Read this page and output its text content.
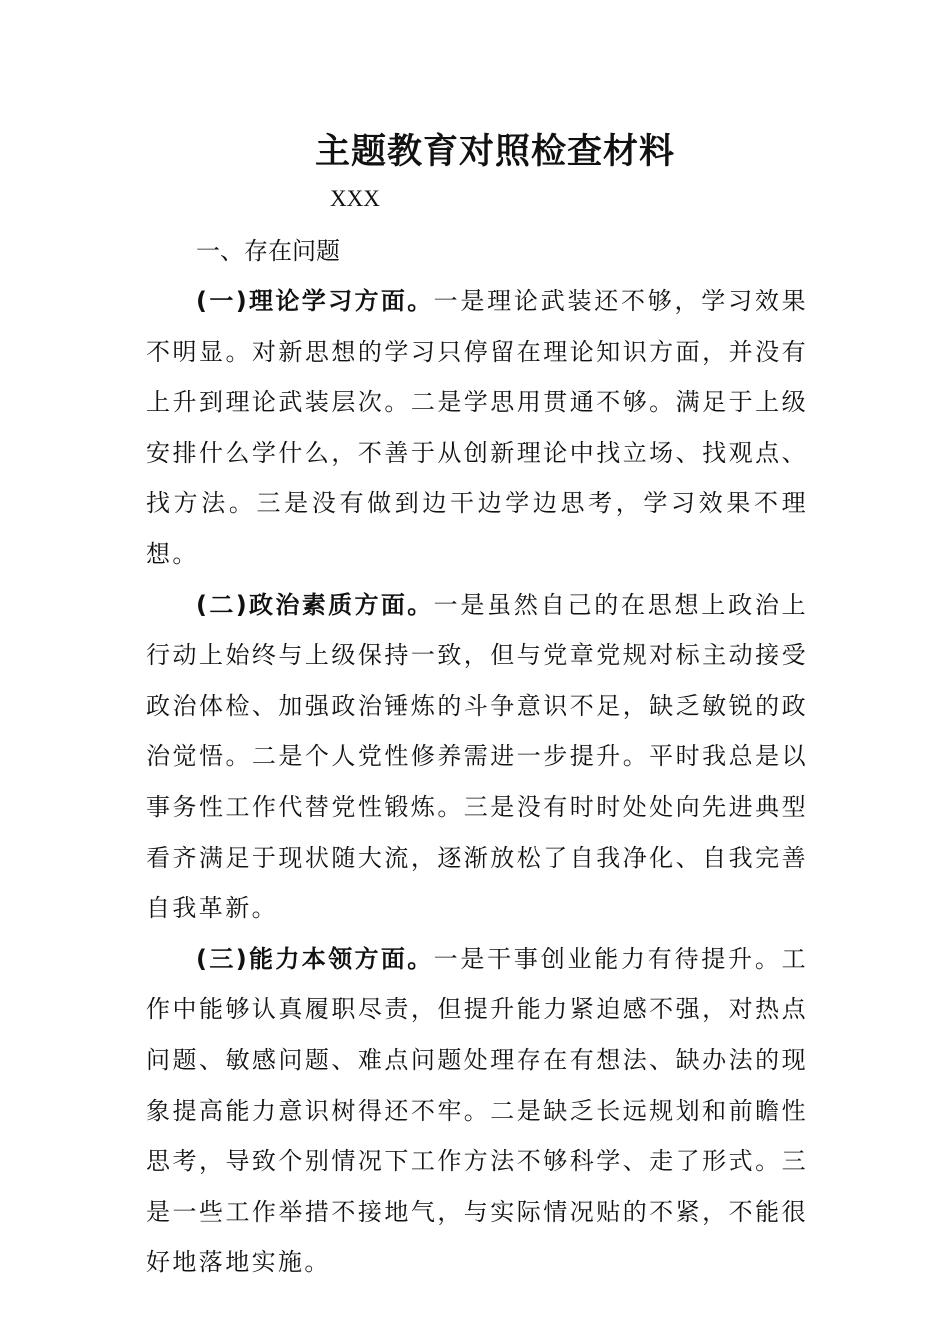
主题教育对照检查材料

XXX

一、存在问题

(一)理论学习方面。一是理论武装还不够，学习效果不明显。对新思想的学习只停留在理论知识方面，并没有上升到理论武装层次。二是学思用贯通不够。满足于上级安排什么学什么，不善于从创新理论中找立场、找观点、找方法。三是没有做到边干边学边思考，学习效果不理想。

(二)政治素质方面。一是虽然自己的在思想上政治上行动上始终与上级保持一致，但与党章党规对标主动接受政治体检、加强政治锤炼的斗争意识不足，缺乏敏锐的政治觉悟。二是个人党性修养需进一步提升。平时我总是以事务性工作代替党性锻炼。三是没有时时处处向先进典型看齐满足于现状随大流，逐渐放松了自我净化、自我完善自我革新。

(三)能力本领方面。一是干事创业能力有待提升。工作中能够认真履职尽责，但提升能力紧迫感不强，对热点问题、敏感问题、难点问题处理存在有想法、缺办法的现象提高能力意识树得还不牢。二是缺乏长远规划和前瞻性思考，导致个别情况下工作方法不够科学、走了形式。三是一些工作举措不接地气，与实际情况贴的不紧，不能很好地落地实施。
